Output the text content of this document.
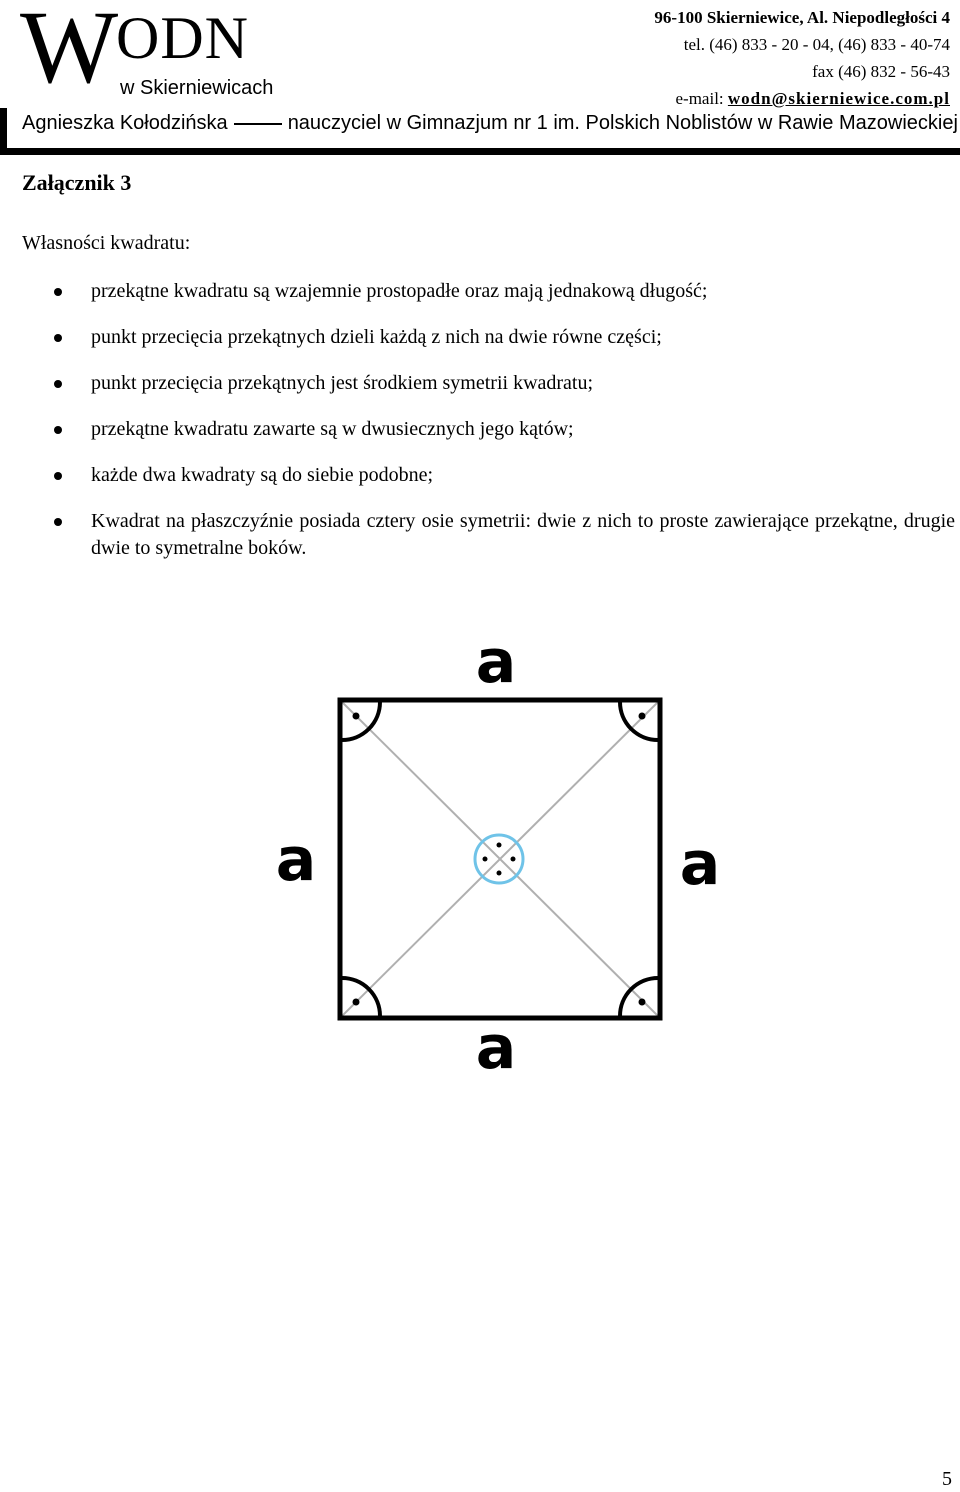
W ODN
w Skierniewicach
96-100 Skierniewice, Al. Niepodległości 4
tel. (46) 833 - 20 - 04, (46) 833 - 40-74
fax (46) 832 - 56-43
e-mail: wodn@skierniewice.com.pl
Agnieszka Kołodzińska	nauczyciel w Gimnazjum nr 1 im. Polskich Noblistów w Rawie Mazowieckiej
Załącznik 3
Własności kwadratu:
przekątne kwadratu są wzajemnie prostopadłe oraz mają jednakową długość;
punkt przecięcia przekątnych dzieli każdą z nich na dwie równe części;
punkt przecięcia przekątnych jest środkiem symetrii kwadratu;
przekątne kwadratu zawarte są w dwusiecznych jego kątów;
każde dwa kwadraty są do siebie podobne;
Kwadrat na płaszczyźnie posiada cztery osie symetrii: dwie z nich to proste zawierające przekątne, drugie dwie to symetralne boków.
a
a	a
a
5
